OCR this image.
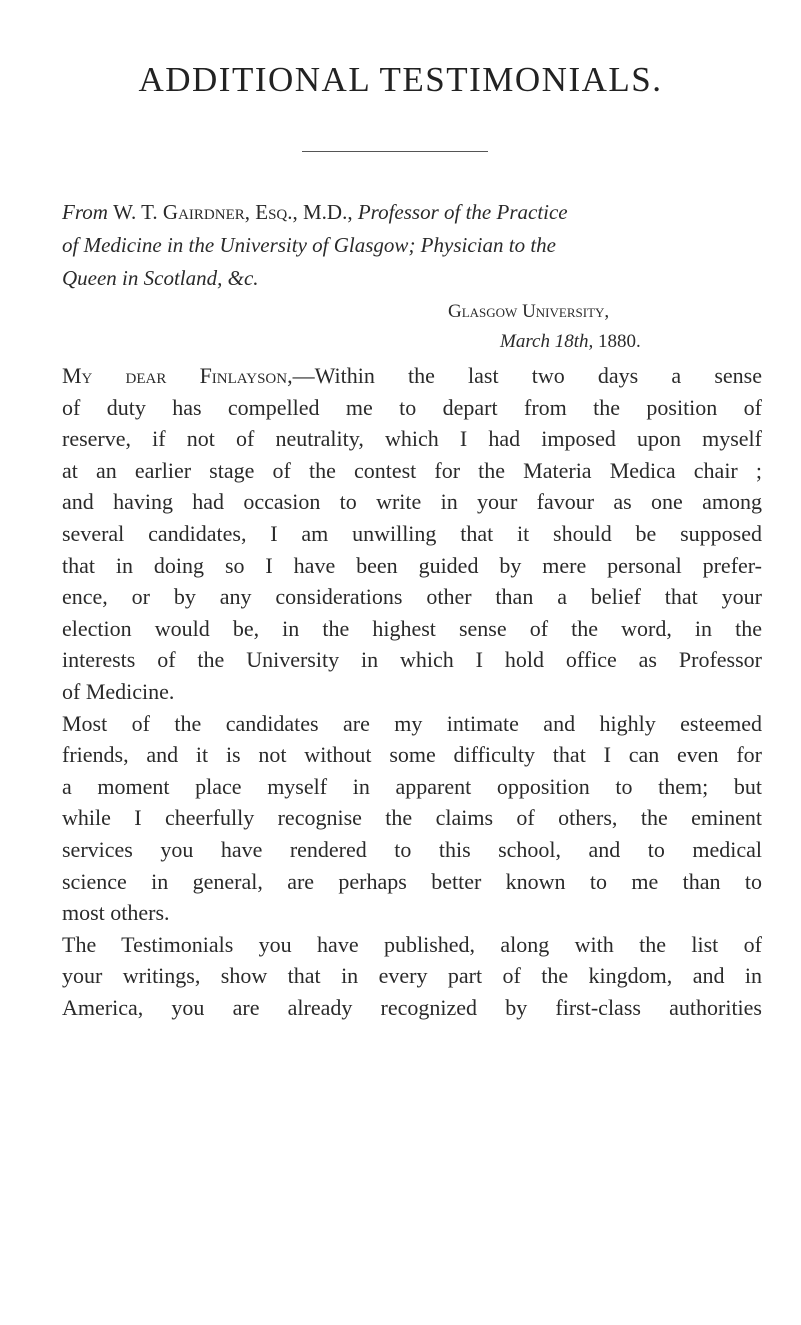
ADDITIONAL TESTIMONIALS.
From W. T. Gairdner, Esq., M.D., Professor of the Practice
of Medicine in the University of Glasgow; Physician to the
Queen in Scotland, &c.
Glasgow University,
March 18th, 1880.
My dear Finlayson,—Within the last two days a sense
of duty has compelled me to depart from the position of
reserve, if not of neutrality, which I had imposed upon myself
at an earlier stage of the contest for the Materia Medica chair ;
and having had occasion to write in your favour as one among
several candidates, I am unwilling that it should be supposed
that in doing so I have been guided by mere personal prefer-
ence, or by any considerations other than a belief that your
election would be, in the highest sense of the word, in the
interests of the University in which I hold office as Professor
of Medicine.
Most of the candidates are my intimate and highly esteemed
friends, and it is not without some difficulty that I can even for
a moment place myself in apparent opposition to them; but
while I cheerfully recognise the claims of others, the eminent
services you have rendered to this school, and to medical
science in general, are perhaps better known to me than to
most others.
The Testimonials you have published, along with the list of
your writings, show that in every part of the kingdom, and in
America, you are already recognized by first-class authorities
